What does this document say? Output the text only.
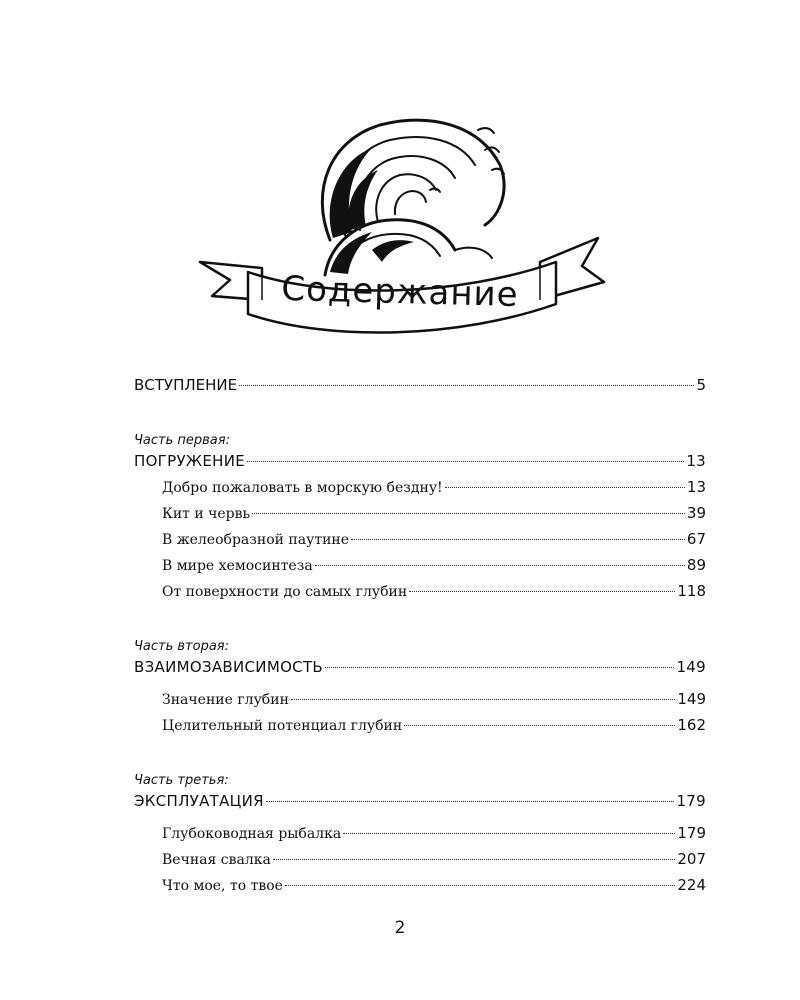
Содержание
ВСТУПЛЕНИЕ	5
Часть первая:
ПОГРУЖЕНИЕ	13
Добро пожаловать в морскую бездну!	13
Кит и червь	39
В желеобразной паутине	67
В мире хемосинтеза	89
От поверхности до самых глубин	118
Часть вторая:
ВЗАИМОЗАВИСИМОСТЬ	149
Значение глубин	149
Целительный потенциал глубин	162
Часть третья:
ЭКСПЛУАТАЦИЯ	179
Глубоководная рыбалка	179
Вечная свалка	207
Что мое, то твое	224
2
